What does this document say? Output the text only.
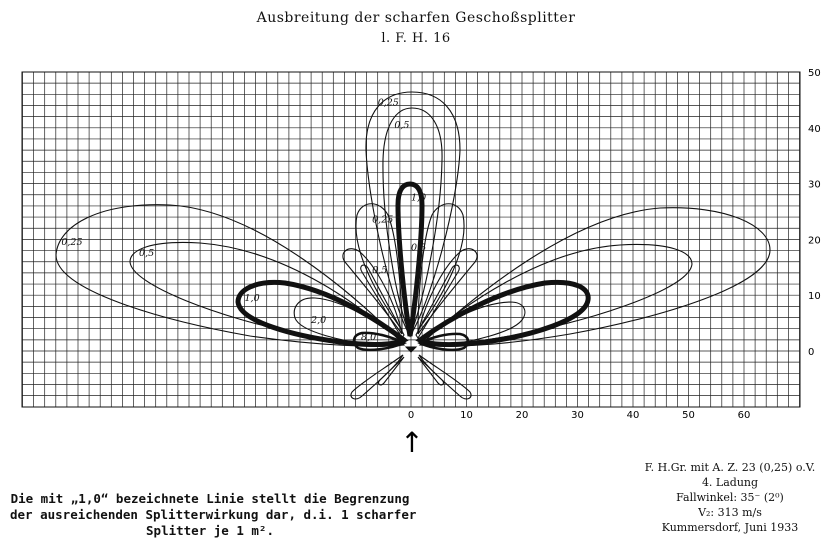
Ausbreitung der scharfen Geschoßsplitter
l. F. H. 16
0,25
0,5
1,0
2,0
8,0
0,25
0,5
1,0
0,5
0,25
0,5
0	10	20	30	40	50	60
0
10
20
30
40
50
↑
Die mit „1,0“ bezeichnete Linie stellt die Begrenzung
der ausreichenden Splitterwirkung dar, d.i. 1 scharfer
Splitter je 1 m².
F. H.Gr. mit A. Z. 23 (0,25) o.V.
4. Ladung
Fallwinkel: 35⁻ (2⁰)
V₂: 313 m/s
Kummersdorf, Juni 1933
